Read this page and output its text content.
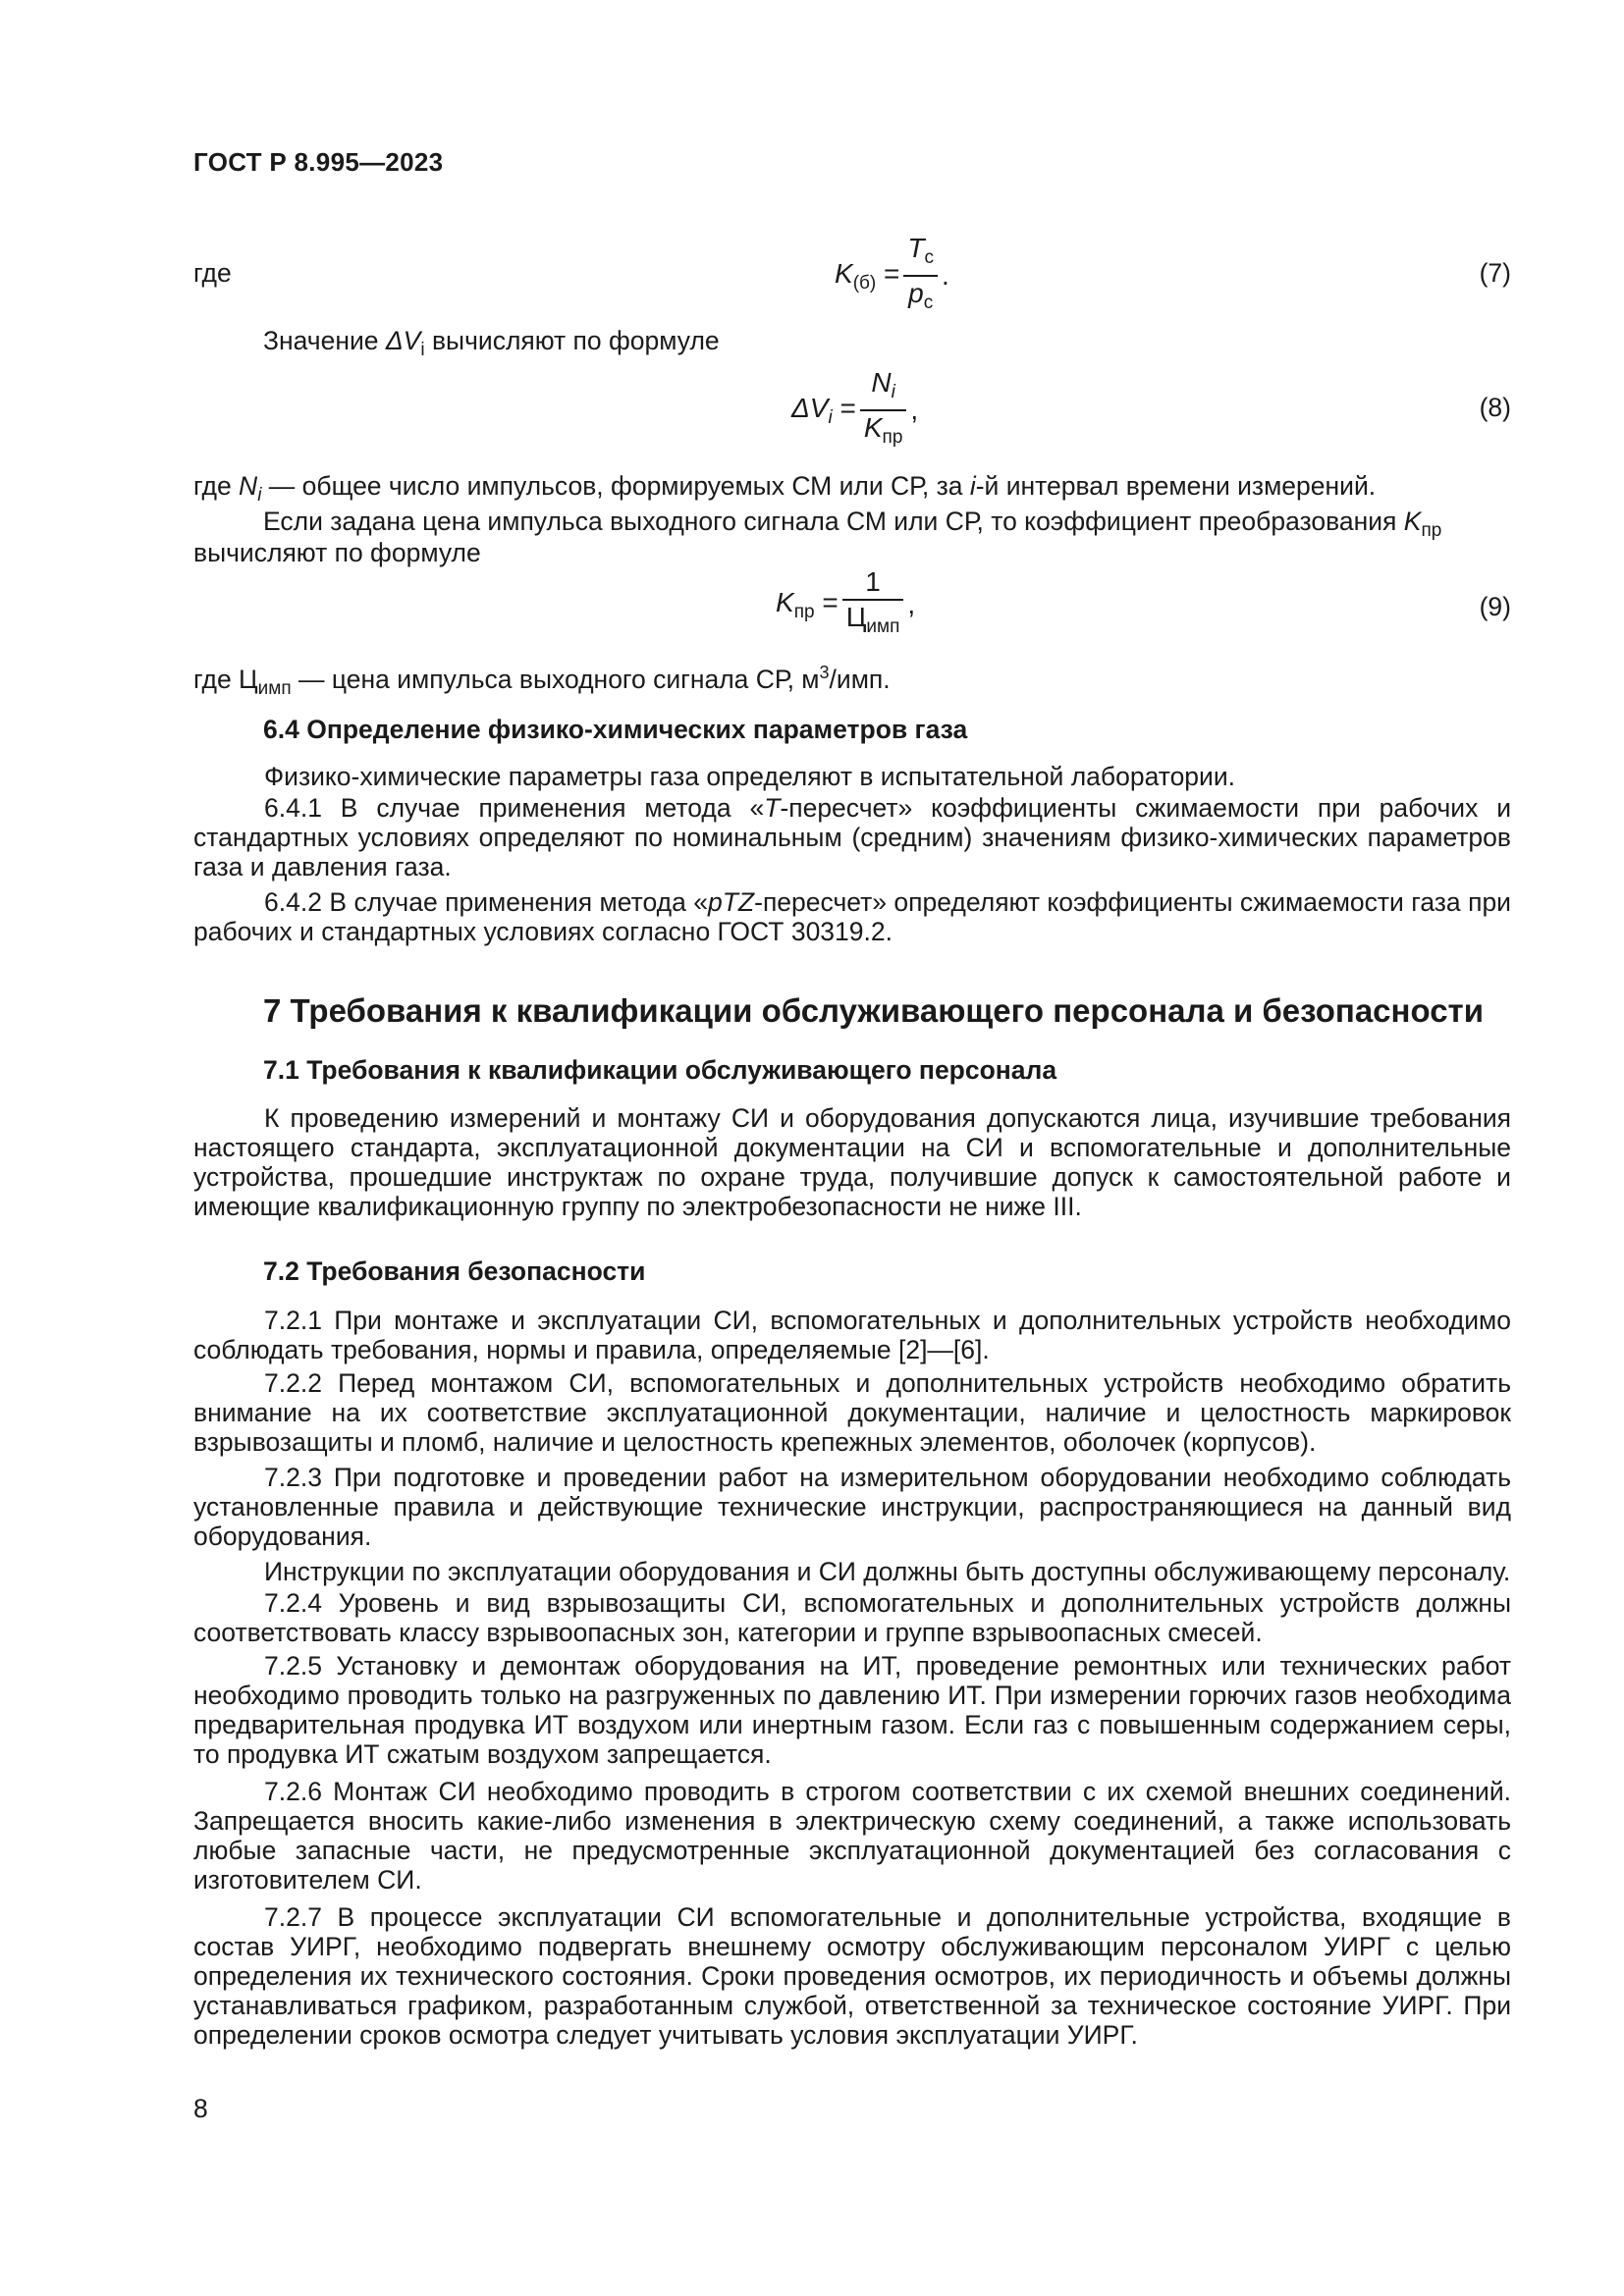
ГОСТ Р 8.995—2023
где	$K_{(б)} = \frac{T_с}{p_с}$ .	(7)
Значение $\Delta V_i$ вычисляют по формуле
$\Delta V_i = \frac{N_i}{K_{пр}}$ ,	(8)
где $N_i$ — общее число импульсов, формируемых СМ или СР, за i-й интервал времени измерений.
Если задана цена импульса выходного сигнала СМ или СР, то коэффициент преобразования $K_{пр}$
вычисляют по формуле
$K_{пр} = \frac{1}{Ц_{имп}}$ ,	(9)
где $Ц_{имп}$ — цена импульса выходного сигнала СР, $м^3$/имп.
6.4 Определение физико-химических параметров газа

Физико-химические параметры газа определяют в испытательной лаборатории.

6.4.1 В случае применения метода «T-пересчет» коэффициенты сжимаемости при рабочих и стандартных условиях определяют по номинальным (средним) значениям физико-химических параметров газа и давления газа.

6.4.2 В случае применения метода «pTZ-пересчет» определяют коэффициенты сжимаемости газа при рабочих и стандартных условиях согласно ГОСТ 30319.2.

7 Требования к квалификации обслуживающего персонала и безопасности
7.1 Требования к квалификации обслуживающего персонала

К проведению измерений и монтажу СИ и оборудования допускаются лица, изучившие требования настоящего стандарта, эксплуатационной документации на СИ и вспомогательные и дополнительные устройства, прошедшие инструктаж по охране труда, получившие допуск к самостоятельной работе и имеющие квалификационную группу по электробезопасности не ниже III.

7.2 Требования безопасности

7.2.1 При монтаже и эксплуатации СИ, вспомогательных и дополнительных устройств необходимо соблюдать требования, нормы и правила, определяемые [2]—[6].

7.2.2 Перед монтажом СИ, вспомогательных и дополнительных устройств необходимо обратить внимание на их соответствие эксплуатационной документации, наличие и целостность маркировок взрывозащиты и пломб, наличие и целостность крепежных элементов, оболочек (корпусов).

7.2.3 При подготовке и проведении работ на измерительном оборудовании необходимо соблюдать установленные правила и действующие технические инструкции, распространяющиеся на данный вид оборудования.

Инструкции по эксплуатации оборудования и СИ должны быть доступны обслуживающему персоналу.

7.2.4 Уровень и вид взрывозащиты СИ, вспомогательных и дополнительных устройств должны соответствовать классу взрывоопасных зон, категории и группе взрывоопасных смесей.

7.2.5 Установку и демонтаж оборудования на ИТ, проведение ремонтных или технических работ необходимо проводить только на разгруженных по давлению ИТ. При измерении горючих газов необходима предварительная продувка ИТ воздухом или инертным газом. Если газ с повышенным содержанием серы, то продувка ИТ сжатым воздухом запрещается.

7.2.6 Монтаж СИ необходимо проводить в строгом соответствии с их схемой внешних соединений. Запрещается вносить какие-либо изменения в электрическую схему соединений, а также использовать любые запасные части, не предусмотренные эксплуатационной документацией без согласования с изготовителем СИ.

7.2.7 В процессе эксплуатации СИ вспомогательные и дополнительные устройства, входящие в состав УИРГ, необходимо подвергать внешнему осмотру обслуживающим персоналом УИРГ с целью определения их технического состояния. Сроки проведения осмотров, их периодичность и объемы должны устанавливаться графиком, разработанным службой, ответственной за техническое состояние УИРГ. При определении сроков осмотра следует учитывать условия эксплуатации УИРГ.

8
